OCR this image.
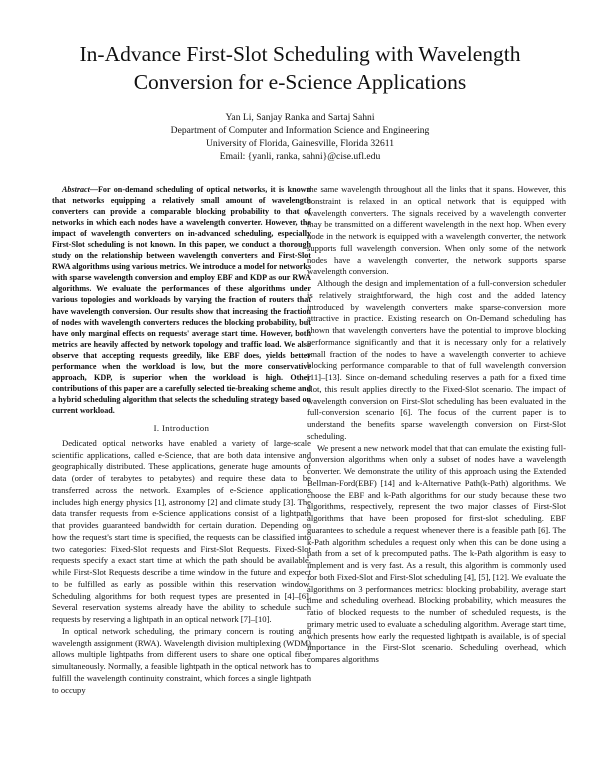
In-Advance First-Slot Scheduling with Wavelength
Conversion for e-Science Applications
Yan Li, Sanjay Ranka and Sartaj Sahni
Department of Computer and Information Science and Engineering
University of Florida, Gainesville, Florida 32611
Email: {yanli, ranka, sahni}@cise.ufl.edu

Abstract—For on-demand scheduling of optical networks, it is known that networks equipping a relatively small amount of wavelength converters can provide a comparable blocking probability to that of networks in which each nodes have a wavelength converter. However, the impact of wavelength converters on in-advanced scheduling, especially First-Slot scheduling is not known. In this paper, we conduct a thorough study on the relationship between wavelength converters and First-Slot RWA algorithms using various metrics. We introduce a model for networks with sparse wavelength conversion and employ EBF and KDP as our RWA algorithms. We evaluate the performances of these algorithms under various topologies and workloads by varying the fraction of routers that have wavelength conversion. Our results show that increasing the fraction of nodes with wavelength converters reduces the blocking probability, but have only marginal effects on requests' average start time. However, both metrics are heavily affected by network topology and traffic load. We also observe that accepting requests greedily, like EBF does, yields better performance when the workload is low, but the more conservative approach, KDP, is superior when the workload is high. Other contributions of this paper are a carefully selected tie-breaking scheme and a hybrid scheduling algorithm that selects the scheduling strategy based on current workload.

I. Introduction

Dedicated optical networks have enabled a variety of large-scale scientific applications, called e-Science, that are both data intensive and geographically distributed. These applications, generate huge amounts of data (order of terabytes to petabytes) and require these data to be transferred across the network. Examples of e-Science applications includes high energy physics [1], astronomy [2] and climate study [3]. The data transfer requests from e-Science applications consist of a lightpath that provides guaranteed bandwidth for certain duration. Depending on how the request's start time is specified, the requests can be classified into two categories: Fixed-Slot requests and First-Slot Requests. Fixed-Slot requests specify a exact start time at which the path should be available, while First-Slot Requests describe a time window in the future and expect to be fulfilled as early as possible within this reservation window. Scheduling algorithms for both request types are presented in [4]–[6]. Several reservation systems already have the ability to schedule such requests by reserving a lightpath in an optical network [7]–[10].

In optical network scheduling, the primary concern is routing and wavelength assignment (RWA). Wavelength division multiplexing (WDM) allows multiple lightpaths from different users to share one optical fiber simultaneously. Normally, a feasible lightpath in the optical network has to fulfill the wavelength continuity constraint, which forces a single lightpath to occupy

the same wavelength throughout all the links that it spans. However, this constraint is relaxed in an optical network that is equipped with wavelength converters. The signals received by a wavelength converter may be transmitted on a different wavelength in the next hop. When every node in the network is equipped with a wavelength converter, the network supports full wavelength conversion. When only some of the network nodes have a wavelength converter, the network supports sparse wavelength conversion.

Although the design and implementation of a full-conversion scheduler is relatively straightforward, the high cost and the added latency introduced by wavelength converters make sparse-conversion more attractive in practice. Existing research on On-Demand scheduling has shown that wavelength converters have the potential to improve blocking performance significantly and that it is necessary only for a relatively small fraction of the nodes to have a wavelength converter to achieve blocking performance comparable to that of full wavelength conversion [11]–[13]. Since on-demand scheduling reserves a path for a fixed time slot, this result applies directly to the Fixed-Slot scenario. The impact of wavelength conversion on First-Slot scheduling has been evaluated in the full-conversion scenario [6]. The focus of the current paper is to understand the benefits sparse wavelength conversion on First-Slot scheduling.

We present a new network model that that can emulate the existing full-conversion algorithms when only a subset of nodes have a wavelength converter. We demonstrate the utility of this approach using the Extended Bellman-Ford(EBF) [14] and k-Alternative Path(k-Path) algorithms. We choose the EBF and k-Path algorithms for our study because these two algorithms, respectively, represent the two major classes of First-Slot algorithms that have been proposed for first-slot scheduling. EBF guarantees to schedule a request whenever there is a feasible path [6]. The k-Path algorithm schedules a request only when this can be done using a path from a set of k precomputed paths. The k-Path algorithm is easy to implement and is very fast. As a result, this algorithm is commonly used for both Fixed-Slot and First-Slot scheduling [4], [5], [12]. We evaluate the algorithms on 3 performances metrics: blocking probability, average start time and scheduling overhead. Blocking probability, which measures the ratio of blocked requests to the number of scheduled requests, is the primary metric used to evaluate a scheduling algorithm. Average start time, which presents how early the requested lightpath is available, is of special importance in the First-Slot scenario. Scheduling overhead, which compares algorithms
